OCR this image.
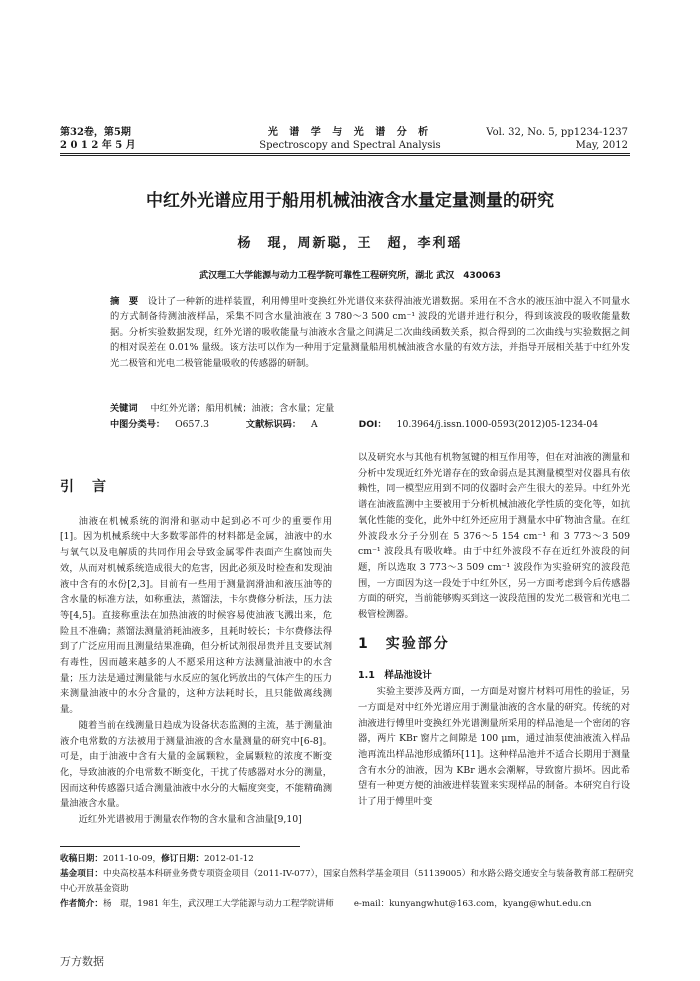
第32卷，第5期
2 0 1 2 年 5 月
光 谱 学 与 光 谱 分 析
Spectroscopy and Spectral Analysis
Vol. 32, No. 5, pp1234-1237
May, 2012
中红外光谱应用于船用机械油液含水量定量测量的研究
杨　琨，周新聪，王　超，李利瑶
武汉理工大学能源与动力工程学院可靠性工程研究所，湖北 武汉　430063
摘　要　 设计了一种新的进样装置，利用傅里叶变换红外光谱仪来获得油液光谱数据。采用在不含水的液压油中混入不同量水的方式制备待测油液样品，采集不同含水量油液在 3 780～3 500 cm⁻¹ 波段的光谱并进行积分，得到该波段的吸收能量数据。分析实验数据发现，红外光谱的吸收能量与油液水含量之间满足二次曲线函数关系，拟合得到的二次曲线与实验数据之间的相对误差在 0.01% 量级。该方法可以作为一种用于定量测量船用机械油液含水量的有效方法，并指导开展相关基于中红外发光二极管和光电二极管能量吸收的传感器的研制。
关键词 中红外光谱；船用机械；油液；含水量；定量
中图分类号： O657.3	文献标识码： A	DOI： 10.3964/j.issn.1000-0593(2012)05-1234-04
引　言

油液在机械系统的润滑和驱动中起到必不可少的重要作用[1]。因为机械系统中大多数零部件的材料都是金属，油液中的水与氧气以及电解质的共同作用会导致金属零件表面产生腐蚀而失效，从而对机械系统造成很大的危害，因此必须及时检查和发现油液中含有的水份[2,3]。目前有一些用于测量润滑油和液压油等的含水量的标准方法，如称重法，蒸馏法，卡尔费修分析法，压力法等[4,5]。直接称重法在加热油液的时候容易使油液飞溅出来，危险且不准确；蒸馏法测量消耗油液多，且耗时较长；卡尔费修法得到了广泛应用而且测量结果准确，但分析试剂很昂贵并且支要试剂有毒性，因而越来越多的人不愿采用这种方法测量油液中的水含量；压力法是通过测量能与水反应的氢化钙放出的气体产生的压力来测量油液中的水分含量的，这种方法耗时长，且只能做离线测量。

随着当前在线测量日趋成为设备状态监测的主流，基于测量油液介电常数的方法被用于测量油液的含水量测量的研究中[6-8]。可是，由于油液中含有大量的金属颗粒，金属颗粒的浓度不断变化，导致油液的介电常数不断变化，干扰了传感器对水分的测量，因而这种传感器只适合测量油液中水分的大幅度突变，不能精确测量油液含水量。

近红外光谱被用于测量农作物的含水量和含油量[9,10]

以及研究水与其他有机物氢键的相互作用等，但在对油液的测量和分析中发现近红外光谱存在的致命弱点是其测量模型对仪器具有依赖性，同一模型应用到不同的仪器时会产生很大的差异。中红外光谱在油液监测中主要被用于分析机械油液化学性质的变化等，如抗氧化性能的变化，此外中红外还应用于测量水中矿物油含量。在红外波段水分子分别在 5 376～5 154 cm⁻¹ 和 3 773～3 509 cm⁻¹ 波段具有吸收峰。由于中红外波段不存在近红外波段的问题，所以选取 3 773～3 509 cm⁻¹ 波段作为实验研究的波段范围，一方面因为这一段处于中红外区，另一方面考虑到今后传感器方面的研究，当前能够购买到这一波段范围的发光二极管和光电二极管检测器。

1　实验部分
1.1　样品池设计

实验主要涉及两方面，一方面是对窗片材料可用性的验证，另一方面是对中红外光谱应用于测量油液的含水量的研究。传统的对油液进行傅里叶变换红外光谱测量所采用的样品池是一个密闭的容器，两片 KBr 窗片之间隙是 100 μm，通过油泵使油液流入样品池再流出样品池形成循环[11]。这种样品池并不适合长期用于测量含有水分的油液，因为 KBr 遇水会潮解，导致窗片损坏。因此希望有一种更方便的油液进样装置来实现样品的制备。本研究自行设计了用于傅里叶变

收稿日期：2011-10-09，修订日期：2012-01-12
基金项目：中央高校基本科研业务费专项资金项目（2011-IV-077），国家自然科学基金项目（51139005）和水路公路交通安全与装备教育部工程研究中心开放基金资助
作者简介：杨　琨，1981 年生，武汉理工大学能源与动力工程学院讲师 e-mail：kunyangwhut@163.com，kyang@whut.edu.cn
万方数据
